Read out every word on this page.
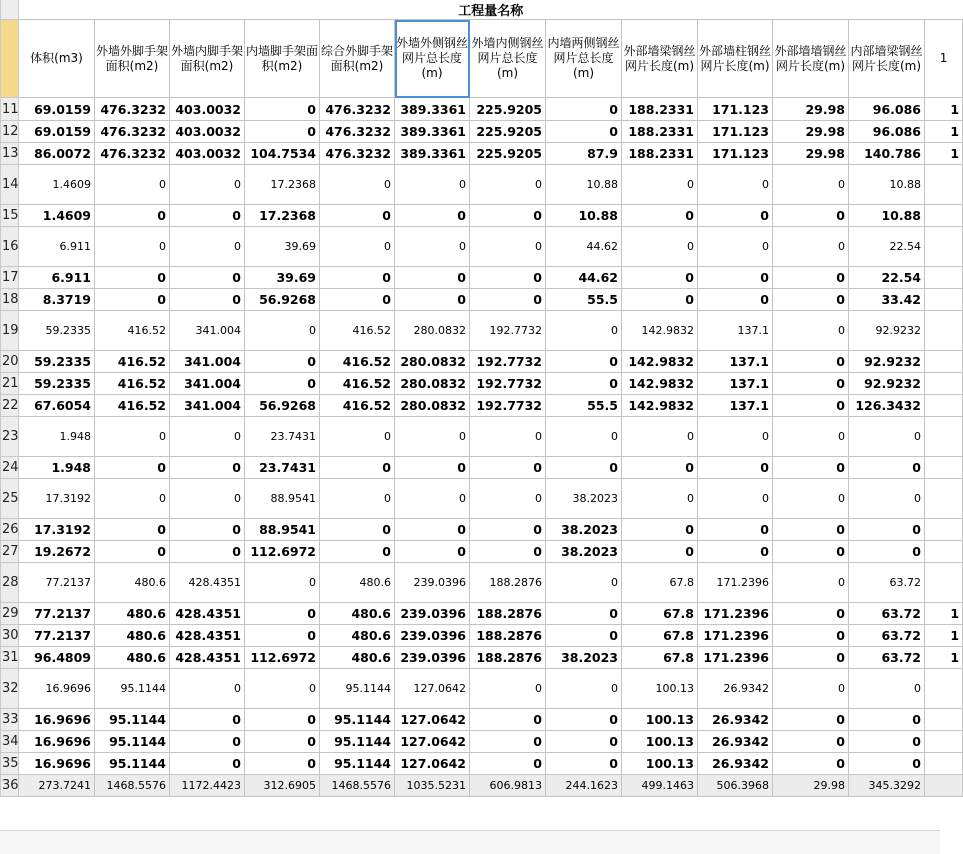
	工程量名称												
	体积(m3)	外墙外脚手架面积(m2)	外墙内脚手架面积(m2)	内墙脚手架面积(m2)	综合外脚手架面积(m2)	外墙外侧钢丝网片总长度(m)	外墙内侧钢丝网片总长度(m)	内墙两侧钢丝网片总长度(m)	外部墙梁钢丝网片长度(m)	外部墙柱钢丝网片长度(m)	外部墙墙钢丝网片长度(m)	内部墙梁钢丝网片长度(m)	1
11	69.0159	476.3232	403.0032	0	476.3232	389.3361	225.9205	0	188.2331	171.123	29.98	96.086	1
12	69.0159	476.3232	403.0032	0	476.3232	389.3361	225.9205	0	188.2331	171.123	29.98	96.086	1
13	86.0072	476.3232	403.0032	104.7534	476.3232	389.3361	225.9205	87.9	188.2331	171.123	29.98	140.786	1
14	1.4609	0	0	17.2368	0	0	0	10.88	0	0	0	10.88	
15	1.4609	0	0	17.2368	0	0	0	10.88	0	0	0	10.88	
16	6.911	0	0	39.69	0	0	0	44.62	0	0	0	22.54	
17	6.911	0	0	39.69	0	0	0	44.62	0	0	0	22.54	
18	8.3719	0	0	56.9268	0	0	0	55.5	0	0	0	33.42	
19	59.2335	416.52	341.004	0	416.52	280.0832	192.7732	0	142.9832	137.1	0	92.9232	
20	59.2335	416.52	341.004	0	416.52	280.0832	192.7732	0	142.9832	137.1	0	92.9232	
21	59.2335	416.52	341.004	0	416.52	280.0832	192.7732	0	142.9832	137.1	0	92.9232	
22	67.6054	416.52	341.004	56.9268	416.52	280.0832	192.7732	55.5	142.9832	137.1	0	126.3432	
23	1.948	0	0	23.7431	0	0	0	0	0	0	0	0	
24	1.948	0	0	23.7431	0	0	0	0	0	0	0	0	
25	17.3192	0	0	88.9541	0	0	0	38.2023	0	0	0	0	
26	17.3192	0	0	88.9541	0	0	0	38.2023	0	0	0	0	
27	19.2672	0	0	112.6972	0	0	0	38.2023	0	0	0	0	
28	77.2137	480.6	428.4351	0	480.6	239.0396	188.2876	0	67.8	171.2396	0	63.72	
29	77.2137	480.6	428.4351	0	480.6	239.0396	188.2876	0	67.8	171.2396	0	63.72	1
30	77.2137	480.6	428.4351	0	480.6	239.0396	188.2876	0	67.8	171.2396	0	63.72	1
31	96.4809	480.6	428.4351	112.6972	480.6	239.0396	188.2876	38.2023	67.8	171.2396	0	63.72	1
32	16.9696	95.1144	0	0	95.1144	127.0642	0	0	100.13	26.9342	0	0	
33	16.9696	95.1144	0	0	95.1144	127.0642	0	0	100.13	26.9342	0	0	
34	16.9696	95.1144	0	0	95.1144	127.0642	0	0	100.13	26.9342	0	0	
35	16.9696	95.1144	0	0	95.1144	127.0642	0	0	100.13	26.9342	0	0	
36	273.7241	1468.5576	1172.4423	312.6905	1468.5576	1035.5231	606.9813	244.1623	499.1463	506.3968	29.98	345.3292	
